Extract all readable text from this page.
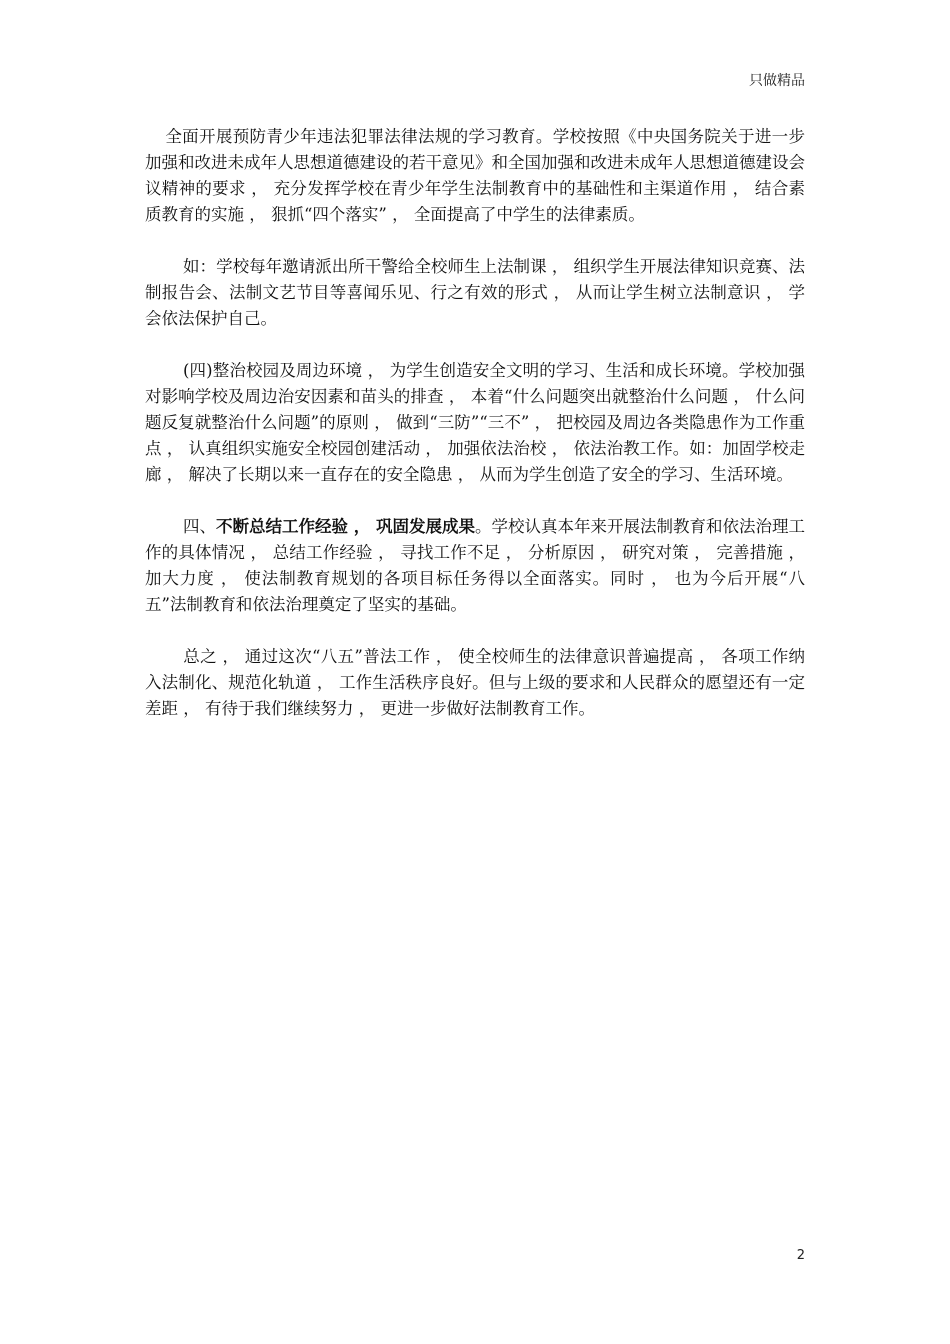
只做精品

全面开展预防青少年违法犯罪法律法规的学习教育。学校按照《中央国务院关于进一步加强和改进未成年人思想道德建设的若干意见》和全国加强和改进未成年人思想道德建设会议精神的要求 ， 充分发挥学校在青少年学生法制教育中的基础性和主渠道作用 ， 结合素质教育的实施 ， 狠抓“四个落实” ， 全面提高了中学生的法律素质。

如：学校每年邀请派出所干警给全校师生上法制课 ， 组织学生开展法律知识竞赛、法制报告会、法制文艺节目等喜闻乐见、行之有效的形式 ， 从而让学生树立法制意识 ， 学会依法保护自己。

(四)整治校园及周边环境 ， 为学生创造安全文明的学习、生活和成长环境。学校加强对影响学校及周边治安因素和苗头的排查 ， 本着“什么问题突出就整治什么问题 ， 什么问题反复就整治什么问题”的原则 ， 做到“三防”“三不” ， 把校园及周边各类隐患作为工作重点 ， 认真组织实施安全校园创建活动 ， 加强依法治校 ， 依法治教工作。如：加固学校走廊 ， 解决了长期以来一直存在的安全隐患 ， 从而为学生创造了安全的学习、生活环境。

四、不断总结工作经验 ， 巩固发展成果。学校认真本年来开展法制教育和依法治理工作的具体情况 ， 总结工作经验 ， 寻找工作不足 ， 分析原因 ， 研究对策 ， 完善措施 ， 加大力度 ， 使法制教育规划的各项目标任务得以全面落实。同时 ， 也为今后开展“八五”法制教育和依法治理奠定了坚实的基础。

总之 ， 通过这次“八五”普法工作 ， 使全校师生的法律意识普遍提高 ， 各项工作纳入法制化、规范化轨道 ， 工作生活秩序良好。但与上级的要求和人民群众的愿望还有一定差距 ， 有待于我们继续努力 ， 更进一步做好法制教育工作。

2
